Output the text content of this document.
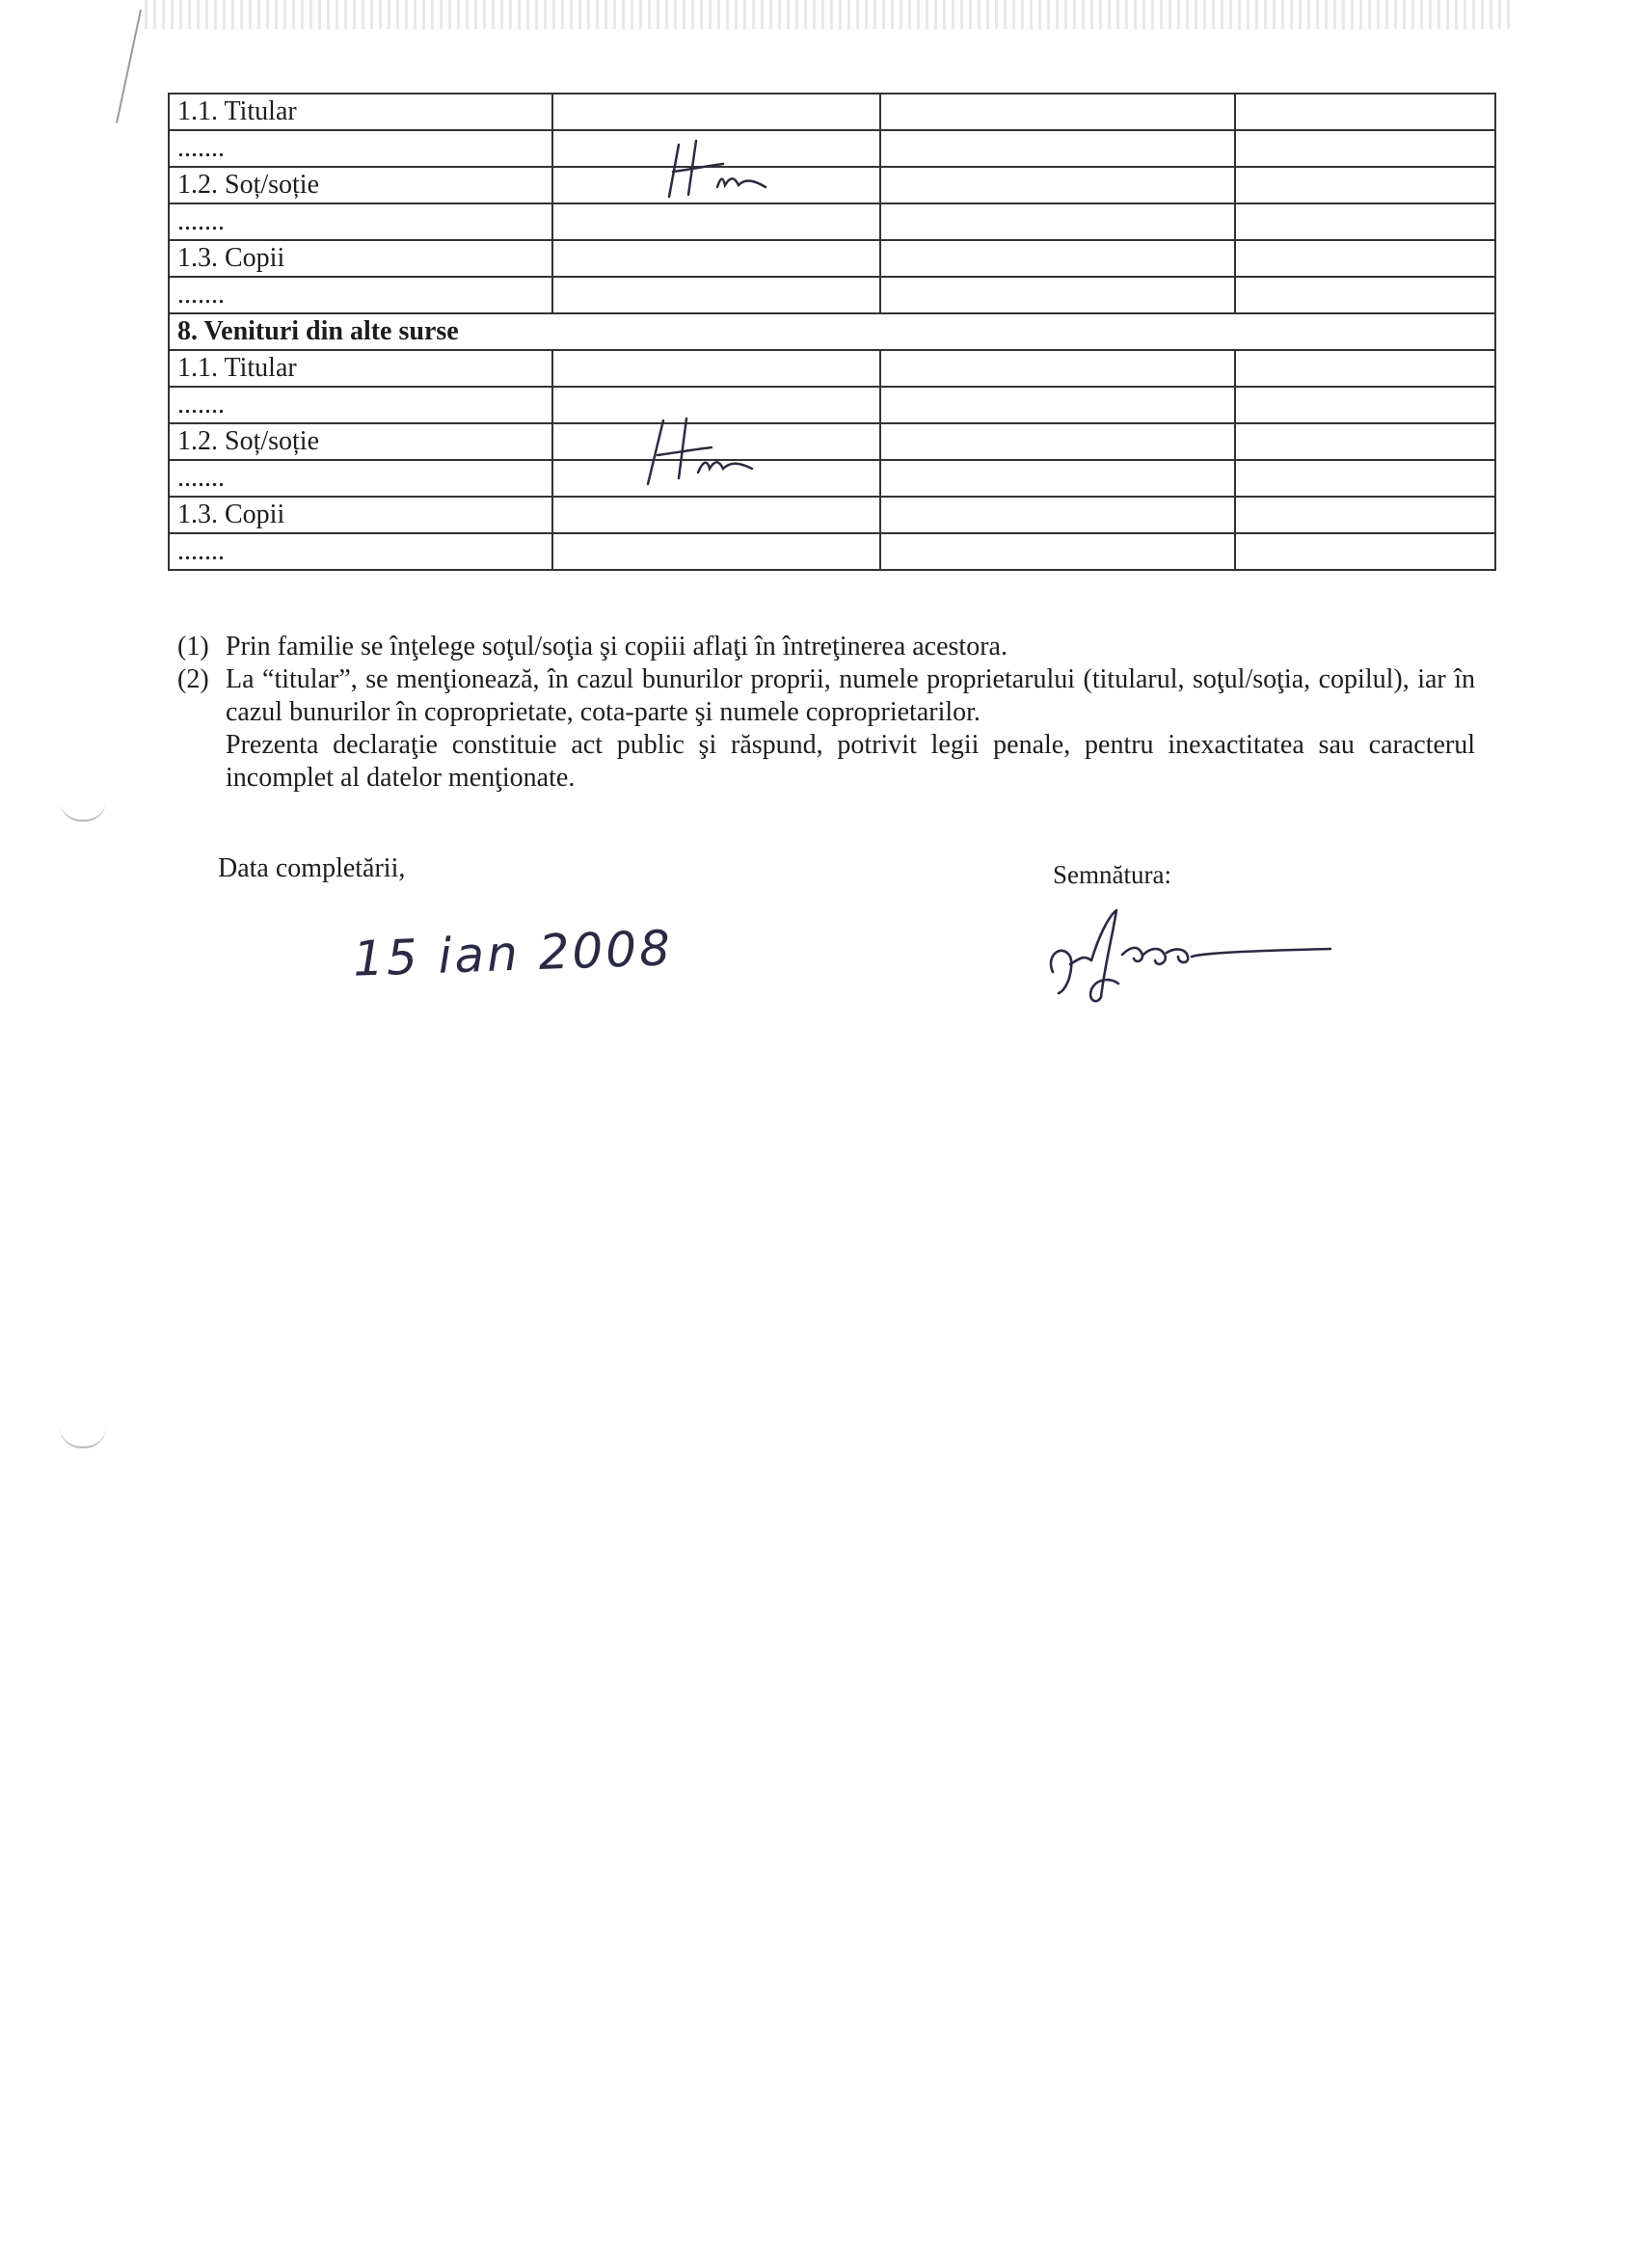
1.1. Titular			
.......	

1.2. Soț/soție			
.......			
1.3. Copii			
.......			
8. Venituri din alte surse			
1.1. Titular			
.......			
1.2. Soț/soție	

.......			
1.3. Copii			
.......			
(1) Prin familie se înţelege soţul/soţia şi copiii aflaţi în întreţinerea acestora.
(2) La “titular”, se menţionează, în cazul bunurilor proprii, numele proprietarului (titularul, soţul/soţia, copilul), iar în cazul bunurilor în coproprietate, cota-parte şi numele coproprietarilor.
Prezenta declaraţie constituie act public şi răspund, potrivit legii penale, pentru inexactitatea sau caracterul incomplet al datelor menţionate.
Data completării,	Semnătura:
15 ian 2008
